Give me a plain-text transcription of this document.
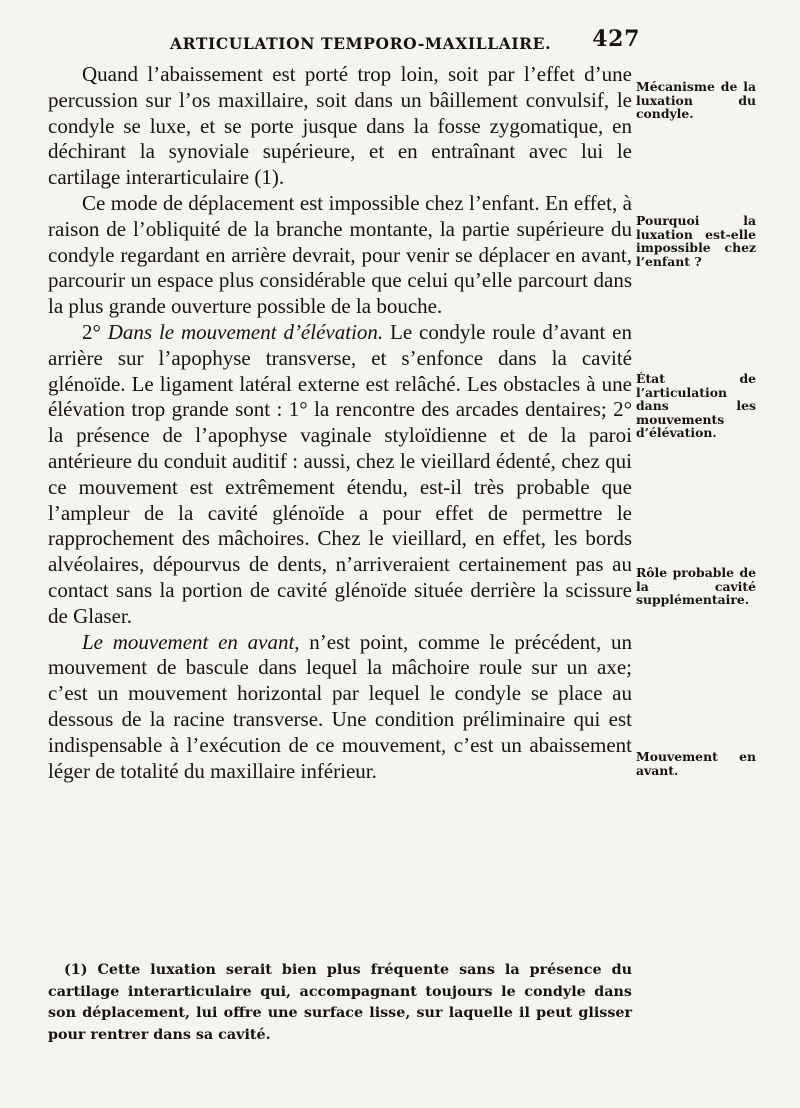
ARTICULATION TEMPORO-MAXILLAIRE. 427

Quand l’abaissement est porté trop loin, soit par l’effet d’une percussion sur l’os maxillaire, soit dans un bâillement convulsif, le condyle se luxe, et se porte jusque dans la fosse zygomatique, en déchirant la synoviale supérieure, et en entraînant avec lui le cartilage interarticulaire (1).

Ce mode de déplacement est impossible chez l’enfant. En effet, à raison de l’obliquité de la branche montante, la partie supérieure du condyle regardant en arrière devrait, pour venir se déplacer en avant, parcourir un espace plus considérable que celui qu’elle parcourt dans la plus grande ouverture possible de la bouche.

2° Dans le mouvement d’élévation. Le condyle roule d’avant en arrière sur l’apophyse transverse, et s’enfonce dans la cavité glénoïde. Le ligament latéral externe est relâché. Les obstacles à une élévation trop grande sont : 1° la rencontre des arcades dentaires; 2° la présence de l’apophyse vaginale styloïdienne et de la paroi antérieure du conduit auditif : aussi, chez le vieillard édenté, chez qui ce mouvement est extrêmement étendu, est-il très probable que l’ampleur de la cavité glénoïde a pour effet de permettre le rapprochement des mâchoires. Chez le vieillard, en effet, les bords alvéolaires, dépourvus de dents, n’arriveraient certainement pas au contact sans la portion de cavité glénoïde située derrière la scissure de Glaser.

Le mouvement en avant, n’est point, comme le précédent, un mouvement de bascule dans lequel la mâchoire roule sur un axe; c’est un mouvement horizontal par lequel le condyle se place au dessous de la racine transverse. Une condition préliminaire qui est indispensable à l’exécution de ce mouvement, c’est un abaissement léger de totalité du maxillaire inférieur.

Mécanisme de la luxation du condyle.
Pourquoi la luxation est-elle impossible chez l’enfant ?
État de l’articulation dans les mouvements d’élévation.
Rôle probable de la cavité supplémentaire.
Mouvement en avant.
(1) Cette luxation serait bien plus fréquente sans la présence du cartilage interarticulaire qui, accompagnant toujours le condyle dans son déplacement, lui offre une surface lisse, sur laquelle il peut glisser pour rentrer dans sa cavité.
